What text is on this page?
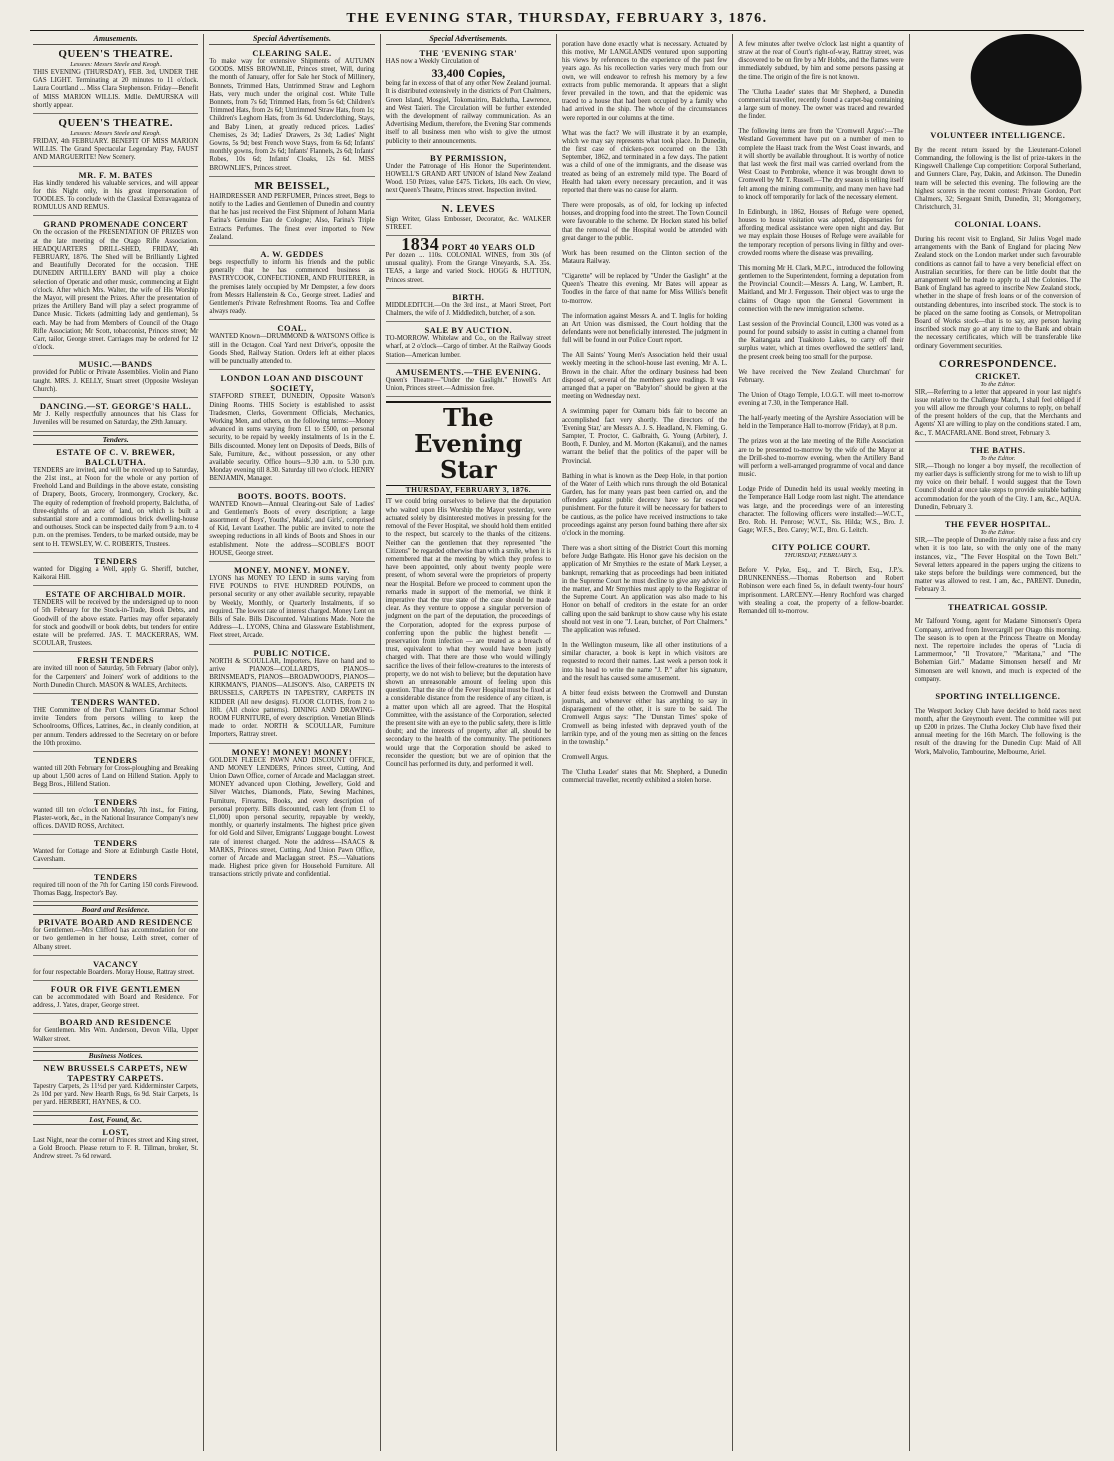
THE EVENING STAR, THURSDAY, FEBRUARY 3, 1876.
Amusements.
QUEEN'S THEATRE.
Lessees: Messrs Steele and Keogh.
THIS EVENING (THURSDAY), FEB. 3rd, UNDER THE GAS LIGHT. Terminating at 20 minutes to 11 o'clock. Laura Courtland ... Miss Clara Stephenson. Friday—Benefit of MISS MARION WILLIS. Mdlle. DeMURSKA will shortly appear.
QUEEN'S THEATRE.
Lessees: Messrs Steele and Keogh.
FRIDAY, 4th FEBRUARY. BENEFIT OF MISS MARION WILLIS. The Grand Spectacular Legendary Play, FAUST AND MARGUERITE! New Scenery.
MR. F. M. BATES
Has kindly tendered his valuable services, and will appear for this Night only, in his great impersonation of TOODLES. To conclude with the Classical Extravaganza of ROMULUS AND REMUS.
GRAND PROMENADE CONCERT
On the occasion of the PRESENTATION OF PRIZES won at the late meeting of the Otago Rifle Association. HEADQUARTERS DRILL-SHED, FRIDAY, 4th FEBRUARY, 1876. The Shed will be Brilliantly Lighted and Beautifully Decorated for the occasion. THE DUNEDIN ARTILLERY BAND will play a choice selection of Operatic and other music, commencing at Eight o'clock. After which Mrs. Walter, the wife of His Worship the Mayor, will present the Prizes. After the presentation of prizes the Artillery Band will play a select programme of Dance Music. Tickets (admitting lady and gentleman), 5s each. May be had from Members of Council of the Otago Rifle Association; Mr Scott, tobacconist, Princes street; Mr Carr, tailor, George street. Carriages may be ordered for 12 o'clock.
MUSIC.—BANDS
provided for Public or Private Assemblies. Violin and Piano taught. MRS. J. KELLY, Stuart street (Opposite Wesleyan Church).
DANCING.—ST. GEORGE'S HALL.
Mr J. Kelly respectfully announces that his Class for Juveniles will be resumed on Saturday, the 29th January.
Tenders.
ESTATE OF C. V. BREWER, BALCLUTHA.
TENDERS are invited, and will be received up to Saturday, the 21st inst., at Noon for the whole or any portion of Freehold Land and Buildings in the above estate, consisting of Drapery, Boots, Grocery, Ironmongery, Crockery, &c. The equity of redemption of freehold property, Balclutha, of three-eighths of an acre of land, on which is built a substantial store and a commodious brick dwelling-house and outhouses. Stock can be inspected daily from 9 a.m. to 4 p.m. on the premises. Tenders, to be marked outside, may be sent to H. TEWSLEY, W. C. ROBERTS, Trustees.
TENDERS
wanted for Digging a Well, apply G. Sheriff, butcher, Kaikorai Hill.
ESTATE OF ARCHIBALD MOIR.
TENDERS will be received by the undersigned up to noon of 5th February for the Stock-in-Trade, Book Debts, and Goodwill of the above estate. Parties may offer separately for stock and goodwill or book debts, but tenders for entire estate will be preferred. JAS. T. MACKERRAS, WM. SCOULAR, Trustees.
FRESH TENDERS
are invited till noon of Saturday, 5th February (labor only), for the Carpenters' and Joiners' work of additions to the North Dunedin Church. MASON & WALES, Architects.
TENDERS WANTED.
THE Committee of the Port Chalmers Grammar School invite Tenders from persons willing to keep the Schoolrooms, Offices, Latrines, &c., in cleanly condition, at per annum. Tenders addressed to the Secretary on or before the 10th proximo.
TENDERS
wanted till 20th February for Cross-ploughing and Breaking up about 1,500 acres of Land on Hillend Station. Apply to Begg Bros., Hillend Station.
TENDERS
wanted till ten o'clock on Monday, 7th inst., for Fitting, Plaster-work, &c., in the National Insurance Company's new offices. DAVID ROSS, Architect.
TENDERS
Wanted for Cottage and Store at Edinburgh Castle Hotel, Caversham.
TENDERS
required till noon of the 7th for Carting 150 cords Firewood. Thomas Bagg, Inspector's Bay.
Board and Residence.
PRIVATE BOARD AND RESIDENCE
for Gentlemen.—Mrs Clifford has accommodation for one or two gentlemen in her house, Leith street, corner of Albany street.
VACANCY
for four respectable Boarders. Moray House, Rattray street.
FOUR OR FIVE GENTLEMEN
can be accommodated with Board and Residence. For address, J. Yates, draper, George street.
BOARD AND RESIDENCE
for Gentlemen. Mrs Wm. Anderson, Devon Villa, Upper Walker street.
Business Notices.
NEW BRUSSELS CARPETS, NEW TAPESTRY CARPETS.
Tapestry Carpets, 2s 11½d per yard. Kidderminster Carpets, 2s 10d per yard. New Hearth Rugs, 6s 9d. Stair Carpets, 1s per yard. HERBERT, HAYNES, & CO.
Lost, Found, &c.
LOST,
Last Night, near the corner of Princes street and King street, a Gold Brooch. Please return to F. R. Tillman, broker, St. Andrew street. 7s 6d reward.
Special Advertisements.
CLEARING SALE.
To make way for extensive Shipments of AUTUMN GOODS. MISS BROWNLIE, Princes street, Will, during the month of January, offer for Sale her Stock of Millinery, Bonnets, Trimmed Hats, Untrimmed Straw and Leghorn Hats, very much under the original cost. White Tulle Bonnets, from 7s 6d; Trimmed Hats, from 5s 6d; Children's Trimmed Hats, from 2s 6d; Untrimmed Straw Hats, from 1s; Children's Leghorn Hats, from 3s 6d. Underclothing, Stays, and Baby Linen, at greatly reduced prices. Ladies' Chemises, 2s 3d; Ladies' Drawers, 2s 3d; Ladies' Night Gowns, 5s 9d; best French wove Stays, from 6s 6d; Infants' monthly gowns, from 2s 6d; Infants' Flannels, 2s 6d; Infants' Robes, 10s 6d; Infants' Cloaks, 12s 6d. MISS BROWNLIE'S, Princes street.
MR BEISSEL,
HAIRDRESSER AND PERFUMER, Princes street, Begs to notify to the Ladies and Gentlemen of Dunedin and country that he has just received the First Shipment of Johann Maria Farina's Genuine Eau de Cologne; Also, Farina's Triple Extracts Perfumes. The finest ever imported to New Zealand.
A. W. GEDDES
begs respectfully to inform his friends and the public generally that he has commenced business as PASTRYCOOK, CONFECTIONER, AND FRUITERER, in the premises lately occupied by Mr Dempster, a few doors from Messrs Hallenstein & Co., George street. Ladies' and Gentlemen's Private Refreshment Rooms. Tea and Coffee always ready.
COAL.
WANTED Known—DRUMMOND & WATSON'S Office is still in the Octagon. Coal Yard next Driver's, opposite the Goods Shed, Railway Station. Orders left at either places will be punctually attended to.
LONDON LOAN AND DISCOUNT SOCIETY,
STAFFORD STREET, DUNEDIN, Opposite Watson's Dining Rooms. THIS Society is established to assist Tradesmen, Clerks, Government Officials, Mechanics, Working Men, and others, on the following terms:—Money advanced in sums varying from £1 to £500, on personal security, to be repaid by weekly instalments of 1s in the £. Bills discounted. Money lent on Deposits of Deeds, Bills of Sale, Furniture, &c., without possession, or any other available security. Office hours—9.30 a.m. to 5.30 p.m. Monday evening till 8.30. Saturday till two o'clock. HENRY BENJAMIN, Manager.
BOOTS. BOOTS. BOOTS.
WANTED Known—Annual Clearing-out Sale of Ladies' and Gentlemen's Boots of every description; a large assortment of Boys', Youths', Maids', and Girls', comprised of Kid, Levant Leather. The public are invited to note the sweeping reductions in all kinds of Boots and Shoes in our establishment. Note the address—SCOBLE'S BOOT HOUSE, George street.
MONEY. MONEY. MONEY.
LYONS has MONEY TO LEND in sums varying from FIVE POUNDS to FIVE HUNDRED POUNDS, on personal security or any other available security, repayable by Weekly, Monthly, or Quarterly Instalments, if so required. The lowest rate of interest charged. Money Lent on Bills of Sale. Bills Discounted. Valuations Made. Note the Address—L. LYONS, China and Glassware Establishment, Fleet street, Arcade.
PUBLIC NOTICE.
NORTH & SCOULLAR, Importers, Have on hand and to arrive PIANOS—COLLARD'S, PIANOS—BRINSMEAD'S, PIANOS—BROADWOOD'S, PIANOS—KIRKMAN'S, PIANOS—ALISON'S. Also, CARPETS IN BRUSSELS, CARPETS IN TAPESTRY, CARPETS IN KIDDER (All new designs). FLOOR CLOTHS, from 2 to 18ft. (All choice patterns). DINING AND DRAWING-ROOM FURNITURE, of every description. Venetian Blinds made to order. NORTH & SCOULLAR, Furniture Importers, Rattray street.
MONEY! MONEY! MONEY!
GOLDEN FLEECE PAWN AND DISCOUNT OFFICE, AND MONEY LENDERS, Princes street, Cutting, And Union Dawn Office, corner of Arcade and Maclaggan street. MONEY advanced upon Clothing, Jewellery, Gold and Silver Watches, Diamonds, Plate, Sewing Machines, Furniture, Firearms, Books, and every description of personal property. Bills discounted, cash lent (from £1 to £1,000) upon personal security, repayable by weekly, monthly, or quarterly instalments. The highest price given for old Gold and Silver, Emigrants' Luggage bought. Lowest rate of interest charged. Note the address—ISAACS & MARKS, Princes street, Cutting, And Union Pawn Office, corner of Arcade and Maclaggan street. P.S.—Valuations made. Highest price given for Household Furniture. All transactions strictly private and confidential.
Special Advertisements.
THE 'EVENING STAR'
HAS now a Weekly Circulation of
33,400 Copies,
being far in excess of that of any other New Zealand journal. It is distributed extensively in the districts of Port Chalmers, Green Island, Mosgiel, Tokomairiro, Balclutha, Lawrence, and West Taieri. The Circulation will be further extended with the development of railway communication. As an Advertising Medium, therefore, the Evening Star commends itself to all business men who wish to give the utmost publicity to their announcements.
BY PERMISSION,
Under the Patronage of His Honor the Superintendent. HOWELL'S GRAND ART UNION of Island New Zealand Wood. 150 Prizes, value £475. Tickets, 10s each. On view, next Queen's Theatre, Princes street. Inspection invited.
N. LEVES
Sign Writer, Glass Embosser, Decorator, &c. WALKER STREET.
1834 PORT 40 YEARS OLD
Per dozen ... 110s. COLONIAL WINES, from 30s (of unusual quality). From the Grange Vineyards, S.A. 35s. TEAS, a large and varied Stock. HOGG & HUTTON, Princes street.
BIRTH.
MIDDLEDITCH.—On the 3rd inst., at Maori Street, Port Chalmers, the wife of J. Middleditch, butcher, of a son.
SALE BY AUCTION.
TO-MORROW. Whitelaw and Co., on the Railway street wharf, at 2 o'clock—Cargo of timber. At the Railway Goods Station—American lumber.
AMUSEMENTS.—THE EVENING.
Queen's Theatre—"Under the Gaslight." Howell's Art Union, Princes street.—Admission free.
The Evening Star
THURSDAY, FEBRUARY 3, 1876.
IT we could bring ourselves to believe that the deputation who waited upon His Worship the Mayor yesterday, were actuated solely by disinterested motives in pressing for the removal of the Fever Hospital, we should hold them entitled to the respect, but scarcely to the thanks of the citizens. Neither can the gentlemen that they represented "the Citizens" be regarded otherwise than with a smile, when it is remembered that at the meeting by which they profess to have been appointed, only about twenty people were present, of whom several were the proprietors of property near the Hospital. Before we proceed to comment upon the remarks made in support of the memorial, we think it imperative that the true state of the case should be made clear. As they venture to oppose a singular perversion of judgment on the part of the deputation, the proceedings of the Corporation, adopted for the express purpose of conferring upon the public the highest benefit — preservation from infection — are treated as a breach of trust, equivalent to what they would have been justly charged with. That there are those who would willingly sacrifice the lives of their fellow-creatures to the interests of property, we do not wish to believe; but the deputation have shown an unreasonable amount of feeling upon this question. That the site of the Fever Hospital must be fixed at a considerable distance from the residence of any citizen, is a matter upon which all are agreed. That the Hospital Committee, with the assistance of the Corporation, selected the present site with an eye to the public safety, there is little doubt; and the interests of property, after all, should be secondary to the health of the community. The petitioners would urge that the Corporation should be asked to reconsider the question; but we are of opinion that the Council has performed its duty, and performed it well.

poration have done exactly what is necessary. Actuated by this motive, Mr LANGLANDS ventured upon supporting his views by references to the experience of the past few years ago. As his recollection varies very much from our own, we will endeavor to refresh his memory by a few extracts from public memoranda. It appears that a slight fever prevailed in the town, and that the epidemic was traced to a house that had been occupied by a family who had arrived in the ship. The whole of the circumstances were reported in our columns at the time.

What was the fact? We will illustrate it by an example, which we may say represents what took place. In Dunedin, the first case of chicken-pox occurred on the 13th September, 1862, and terminated in a few days. The patient was a child of one of the immigrants, and the disease was treated as being of an extremely mild type. The Board of Health had taken every necessary precaution, and it was reported that there was no cause for alarm.

There were proposals, as of old, for locking up infected houses, and dropping food into the street. The Town Council were favourable to the scheme. Dr Hocken stated his belief that the removal of the Hospital would be attended with great danger to the public.

Work has been resumed on the Clinton section of the Mataura Railway.

"Cigarette" will be replaced by "Under the Gaslight" at the Queen's Theatre this evening. Mr Bates will appear as Toodles in the farce of that name for Miss Willis's benefit to-morrow.

The information against Messrs A. and T. Inglis for holding an Art Union was dismissed, the Court holding that the defendants were not beneficially interested. The judgment in full will be found in our Police Court report.

The All Saints' Young Men's Association held their usual weekly meeting in the school-house last evening, Mr A. L. Brown in the chair. After the ordinary business had been disposed of, several of the members gave readings. It was arranged that a paper on "Babylon" should be given at the meeting on Wednesday next.

A swimming paper for Oamaru bids fair to become an accomplished fact very shortly. The directors of the 'Evening Star,' are Messrs A. J. S. Headland, N. Fleming, G. Sampter, T. Proctor, C. Galbraith, G. Young (Arbiter), J. Booth, F. Dunley, and M. Morton (Kakanui), and the names warrant the belief that the politics of the paper will be Provincial.

Bathing in what is known as the Deep Hole, in that portion of the Water of Leith which runs through the old Botanical Garden, has for many years past been carried on, and the offenders against public decency have so far escaped punishment. For the future it will be necessary for bathers to be cautious, as the police have received instructions to take proceedings against any person found bathing there after six o'clock in the morning.

There was a short sitting of the District Court this morning before Judge Bathgate. His Honor gave his decision on the application of Mr Smythies re the estate of Mark Leyser, a bankrupt, remarking that as proceedings had been initiated in the Supreme Court he must decline to give any advice in the matter, and Mr Smythies must apply to the Registrar of the Supreme Court. An application was also made to his Honor on behalf of creditors in the estate for an order calling upon the said bankrupt to show cause why his estate should not vest in one "J. Lean, butcher, of Port Chalmers." The application was refused.

In the Wellington museum, like all other institutions of a similar character, a book is kept in which visitors are requested to record their names. Last week a person took it into his head to write the name "J. P." after his signature, and the result has caused some amusement.

A bitter feud exists between the Cromwell and Dunstan journals, and whenever either has anything to say in disparagement of the other, it is sure to be said. The Cromwell Argus says: "The 'Dunstan Times' spoke of Cromwell as being infested with depraved youth of the larrikin type, and of the young men as sitting on the fences in the township."

Cromwell Argus.

The 'Clutha Leader' states that Mr. Shepherd, a Dunedin commercial traveller, recently exhibited a stolen horse.

A few minutes after twelve o'clock last night a quantity of straw at the rear of Court's right-of-way, Rattray street, was discovered to be on fire by a Mr Hobbs, and the flames were immediately subdued, by him and some persons passing at the time. The origin of the fire is not known.

The 'Clutha Leader' states that Mr Shepherd, a Dunedin commercial traveller, recently found a carpet-bag containing a large sum of money. The owner was traced and rewarded the finder.

The following items are from the 'Cromwell Argus':—The Westland Government have put on a number of men to complete the Haast track from the West Coast inwards, and it will shortly be available throughout. It is worthy of notice that last week the first mail was carried overland from the West Coast to Pembroke, whence it was brought down to Cromwell by Mr T. Russell.—The dry season is telling itself felt among the mining community, and many men have had to knock off temporarily for lack of the necessary element.

In Edinburgh, in 1862, Houses of Refuge were opened, houses to house visitation was adopted, dispensaries for affording medical assistance were open night and day. But we may explain those Houses of Refuge were available for the temporary reception of persons living in filthy and over-crowded rooms where the disease was prevailing.

This morning Mr H. Clark, M.P.C., introduced the following gentlemen to the Superintendent, forming a deputation from the Provincial Council:—Messrs A. Lang, W. Lambert, R. Maitland, and Mr J. Fergusson. Their object was to urge the claims of Otago upon the General Government in connection with the new immigration scheme.

Last session of the Provincial Council, L300 was voted as a pound for pound subsidy to assist in cutting a channel from the Kaitangata and Tuakitoto Lakes, to carry off their surplus water, which at times overflowed the settlers' land, the present creek being too small for the purpose.

We have received the 'New Zealand Churchman' for February.

The Union of Otago Temple, I.O.G.T. will meet to-morrow evening at 7.30, in the Temperance Hall.

The half-yearly meeting of the Ayrshire Association will be held in the Temperance Hall to-morrow (Friday), at 8 p.m.

The prizes won at the late meeting of the Rifle Association are to be presented to-morrow by the wife of the Mayor at the Drill-shed to-morrow evening, when the Artillery Band will perform a well-arranged programme of vocal and dance music.

Lodge Pride of Dunedin held its usual weekly meeting in the Temperance Hall Lodge room last night. The attendance was large, and the proceedings were of an interesting character. The following officers were installed:—W.C.T., Bro. Rob. H. Penrose; W.V.T., Sis. Hilda; W.S., Bro. J. Gage; W.F.S., Bro. Carey; W.T., Bro. G. Leitch.

CITY POLICE COURT.
THURSDAY, FEBRUARY 3.

Before V. Pyke, Esq., and T. Birch, Esq., J.P.'s. DRUNKENNESS.—Thomas Robertson and Robert Robinson were each fined 5s, in default twenty-four hours' imprisonment. LARCENY.—Henry Rochford was charged with stealing a coat, the property of a fellow-boarder. Remanded till to-morrow.

VOLUNTEER INTELLIGENCE.

By the recent return issued by the Lieutenant-Colonel Commanding, the following is the list of prize-takers in the Kingswell Challenge Cup competition: Corporal Sutherland, and Gunners Clare, Pay, Dakin, and Atkinson. The Dunedin team will be selected this evening. The following are the highest scorers in the recent contest: Private Gordon, Port Chalmers, 32; Sergeant Smith, Dunedin, 31; Montgomery, Christchurch, 31.

COLONIAL LOANS.

During his recent visit to England, Sir Julius Vogel made arrangements with the Bank of England for placing New Zealand stock on the London market under such favourable conditions as cannot fail to have a very beneficial effect on Australian securities, for there can be little doubt that the arrangement will be made to apply to all the Colonies. The Bank of England has agreed to inscribe New Zealand stock, whether in the shape of fresh loans or of the conversion of outstanding debentures, into inscribed stock. The stock is to be placed on the same footing as Consols, or Metropolitan Board of Works stock—that is to say, any person having inscribed stock may go at any time to the Bank and obtain the necessary certificates, which will be transferable like ordinary Government securities.

CORRESPONDENCE.
CRICKET.
To the Editor.
SIR,—Referring to a letter that appeared in your last night's issue relative to the Challenge Match, I shall feel obliged if you will allow me through your columns to reply, on behalf of the present holders of the cup, that the Merchants and Agents' XI are willing to play on the conditions stated. I am, &c., T. MACFARLANE. Bond street, February 3.
THE BATHS.
To the Editor.
SIR,—Though no longer a boy myself, the recollection of my earlier days is sufficiently strong for me to wish to lift up my voice on their behalf. I would suggest that the Town Council should at once take steps to provide suitable bathing accommodation for the youth of the City. I am, &c., AQUA. Dunedin, February 3.
THE FEVER HOSPITAL.
To the Editor.
SIR,—The people of Dunedin invariably raise a fuss and cry when it is too late, so with the only one of the many instances, viz., "The Fever Hospital on the Town Belt." Several letters appeared in the papers urging the citizens to take steps before the buildings were commenced, but the matter was allowed to rest. I am, &c., PARENT. Dunedin, February 3.
THEATRICAL GOSSIP.

Mr Talfourd Young, agent for Madame Simonsen's Opera Company, arrived from Invercargill per Otago this morning. The season is to open at the Princess Theatre on Monday next. The repertoire includes the operas of "Lucia di Lammermoor," "Il Trovatore," "Maritana," and "The Bohemian Girl." Madame Simonsen herself and Mr Simonsen are well known, and much is expected of the company.

SPORTING INTELLIGENCE.

The Westport Jockey Club have decided to hold races next month, after the Greymouth event. The committee will put up £200 in prizes. The Clutha Jockey Club have fixed their annual meeting for the 16th March. The following is the result of the drawing for the Dunedin Cup: Maid of All Work, Malvolio, Tambourine, Melbourne, Ariel.
